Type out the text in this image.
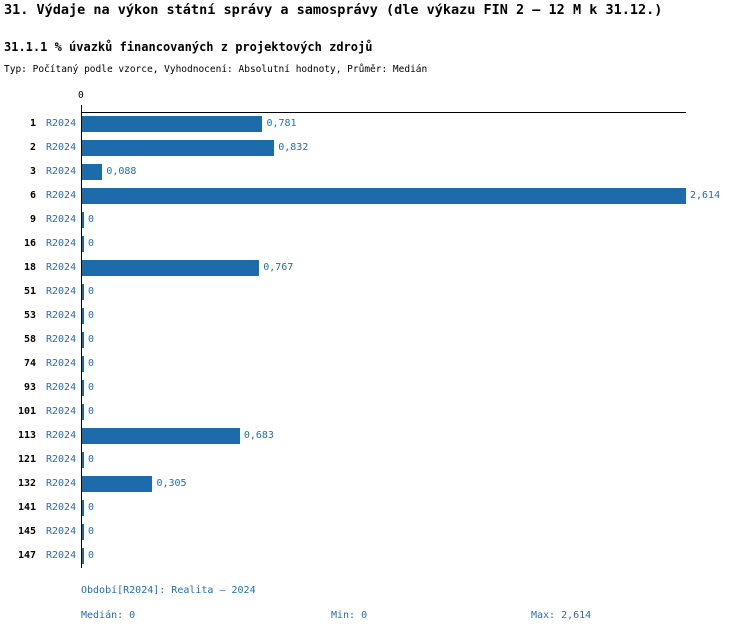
31. Výdaje na výkon státní správy a samosprávy (dle výkazu FIN 2 – 12 M k 31.12.)
31.1.1 % úvazků financovaných z projektových zdrojů
Typ: Počítaný podle vzorce, Vyhodnocení: Absolutní hodnoty, Průměr: Medián
0
1 R2024	0,781
2 R2024	0,832
3 R2024	0,088
6 R2024	2,614
9 R2024 0
16 R2024 0
18 R2024	0,767
51 R2024 0
53 R2024 0
58 R2024 0
74 R2024 0
93 R2024 0
101 R2024 0
113 R2024	0,683
121 R2024 0
132 R2024	0,305
141 R2024 0
145 R2024 0
147 R2024 0
Období[R2024]: Realita – 2024
Medián: 0	Min: 0	Max: 2,614
